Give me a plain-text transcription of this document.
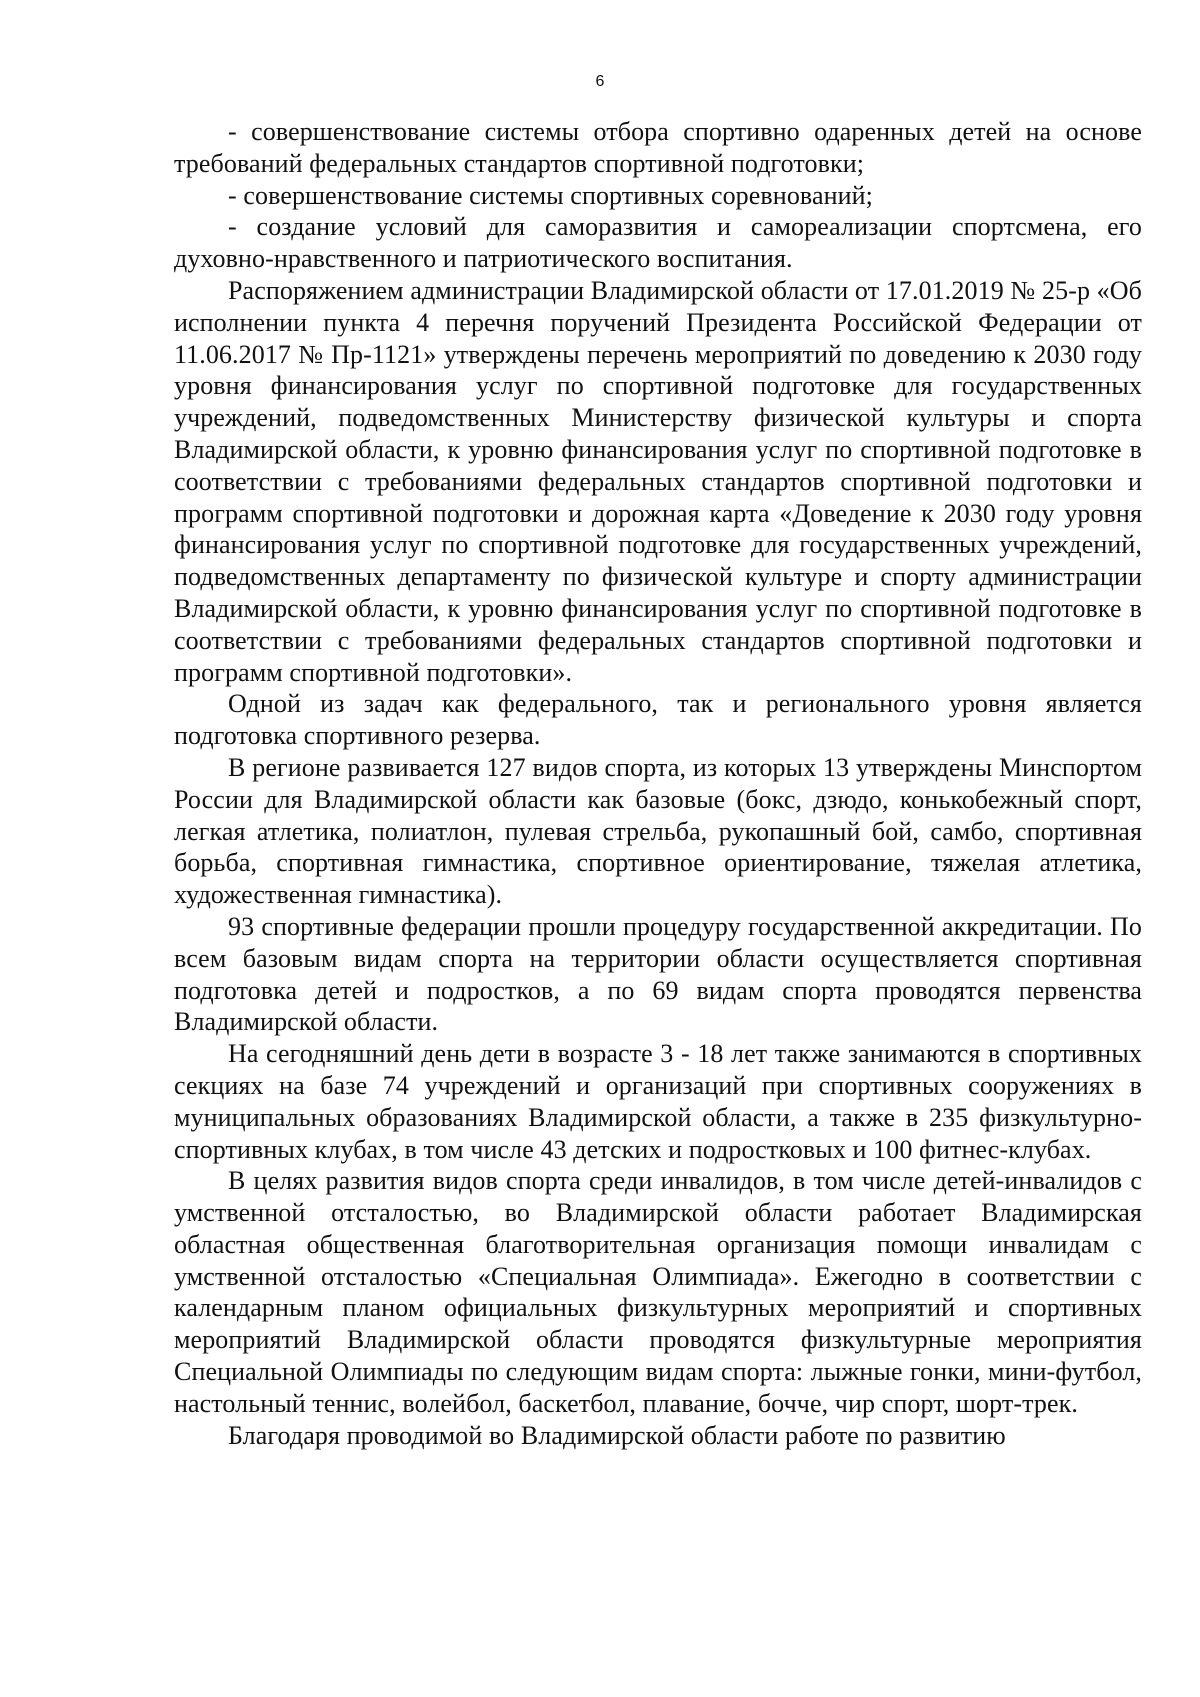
6

- совершенствование системы отбора спортивно одаренных детей на основе требований федеральных стандартов спортивной подготовки;

- совершенствование системы спортивных соревнований;

- создание условий для саморазвития и самореализации спортсмена, его духовно-нравственного и патриотического воспитания.

Распоряжением администрации Владимирской области от 17.01.2019 № 25-р «Об исполнении пункта 4 перечня поручений Президента Российской Федерации от 11.06.2017 № Пр-1121» утверждены перечень мероприятий по доведению к 2030 году уровня финансирования услуг по спортивной подготовке для государственных учреждений, подведомственных Министерству физической культуры и спорта Владимирской области, к уровню финансирования услуг по спортивной подготовке в соответствии с требованиями федеральных стандартов спортивной подготовки и программ спортивной подготовки и дорожная карта «Доведение к 2030 году уровня финансирования услуг по спортивной подготовке для государственных учреждений, подведомственных департаменту по физической культуре и спорту администрации Владимирской области, к уровню финансирования услуг по спортивной подготовке в соответствии с требованиями федеральных стандартов спортивной подготовки и программ спортивной подготовки».

Одной из задач как федерального, так и регионального уровня является подготовка спортивного резерва.

В регионе развивается 127 видов спорта, из которых 13 утверждены Минспортом России для Владимирской области как базовые (бокс, дзюдо, конькобежный спорт, легкая атлетика, полиатлон, пулевая стрельба, рукопашный бой, самбо, спортивная борьба, спортивная гимнастика, спортивное ориентирование, тяжелая атлетика, художественная гимнастика).

93 спортивные федерации прошли процедуру государственной аккредитации. По всем базовым видам спорта на территории области осуществляется спортивная подготовка детей и подростков, а по 69 видам спорта проводятся первенства Владимирской области.

На сегодняшний день дети в возрасте 3 - 18 лет также занимаются в спортивных секциях на базе 74 учреждений и организаций при спортивных сооружениях в муниципальных образованиях Владимирской области, а также в 235 физкультурно-спортивных клубах, в том числе 43 детских и подростковых и 100 фитнес-клубах.

В целях развития видов спорта среди инвалидов, в том числе детей-инвалидов с умственной отсталостью, во Владимирской области работает Владимирская областная общественная благотворительная организация помощи инвалидам с умственной отсталостью «Специальная Олимпиада». Ежегодно в соответствии с календарным планом официальных физкультурных мероприятий и спортивных мероприятий Владимирской области проводятся физкультурные мероприятия Специальной Олимпиады по следующим видам спорта: лыжные гонки, мини-футбол, настольный теннис, волейбол, баскетбол, плавание, бочче, чир спорт, шорт-трек.

Благодаря проводимой во Владимирской области работе по развитию
